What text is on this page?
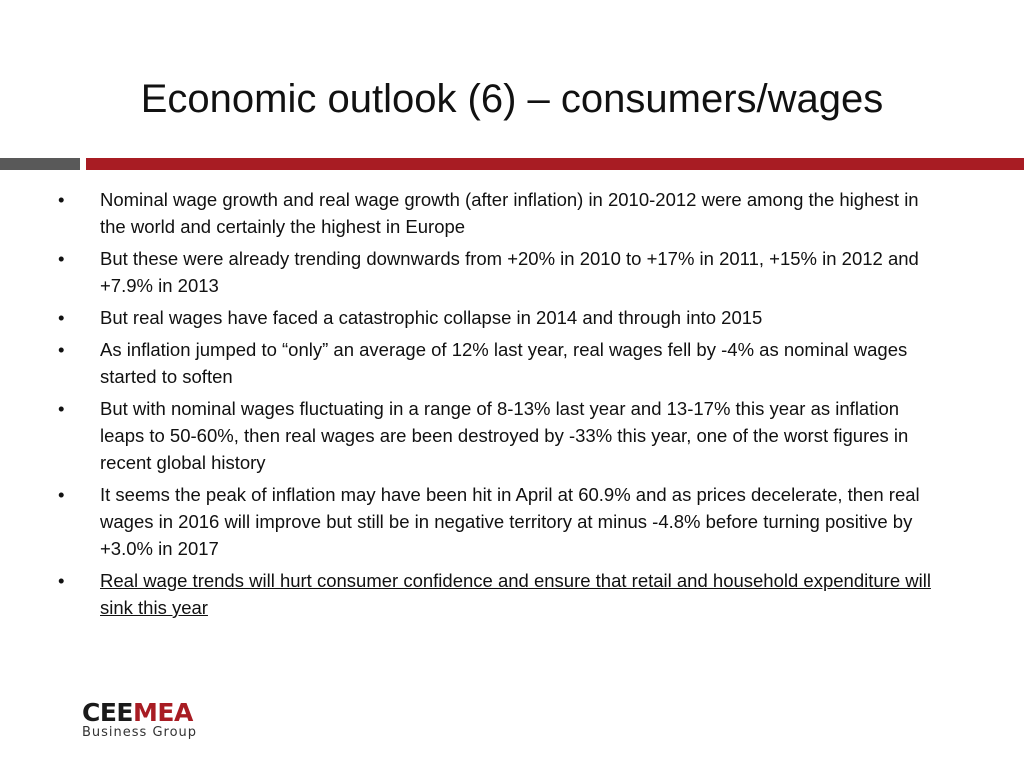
Economic outlook (6) – consumers/wages
•	Nominal wage growth and real wage growth (after inflation) in 2010-2012 were among the highest in the world and certainly the highest in Europe
•	But these were already trending downwards from +20% in 2010 to +17% in 2011, +15% in 2012 and +7.9% in 2013
•	But real wages have faced a catastrophic collapse in 2014 and through into 2015
•	As inflation jumped to “only” an average of 12% last year, real wages fell by -4% as nominal wages started to soften
•	But with nominal wages fluctuating in a range of 8-13% last year and 13-17% this year as inflation leaps to 50-60%, then real wages are been destroyed by -33% this year, one of the worst figures in recent global history
•	It seems the peak of inflation may have been hit in April at 60.9% and as prices decelerate, then real wages in 2016 will improve but still be in negative territory at minus -4.8% before turning positive by +3.0% in 2017
•	Real wage trends will hurt consumer confidence and ensure that retail and household expenditure will sink this year
CEEMEA
Business Group
